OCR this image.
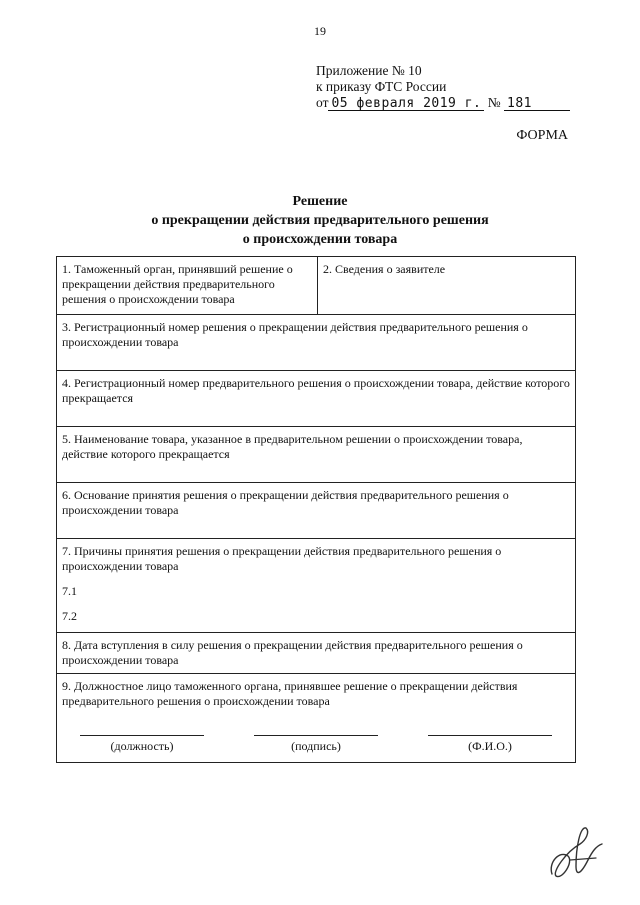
19
Приложение № 10
к приказу ФТС России
от 05 февраля 2019 г. № 181
ФОРМА
Решение
о прекращении действия предварительного решения
о происхождении товара
1. Таможенный орган, принявший решение о прекращении действия предварительного решения о происхождении товара	2. Сведения о заявителе
3. Регистрационный номер решения о прекращении действия предварительного решения о происхождении товара
4. Регистрационный номер предварительного решения о происхождении товара, действие которого прекращается
5. Наименование товара, указанное в предварительном решении о происхождении товара, действие которого прекращается
6. Основание принятия решения о прекращении действия предварительного решения о происхождении товара

7. Причины принятия решения о прекращении действия предварительного решения о происхождении товара
7.1
7.2

8. Дата вступления в силу решения о прекращении действия предварительного решения о происхождении товара

9. Должностное лицо таможенного органа, принявшее решение о прекращении действия предварительного решения о происхождении товара
(должность)	(подпись)	(Ф.И.О.)
